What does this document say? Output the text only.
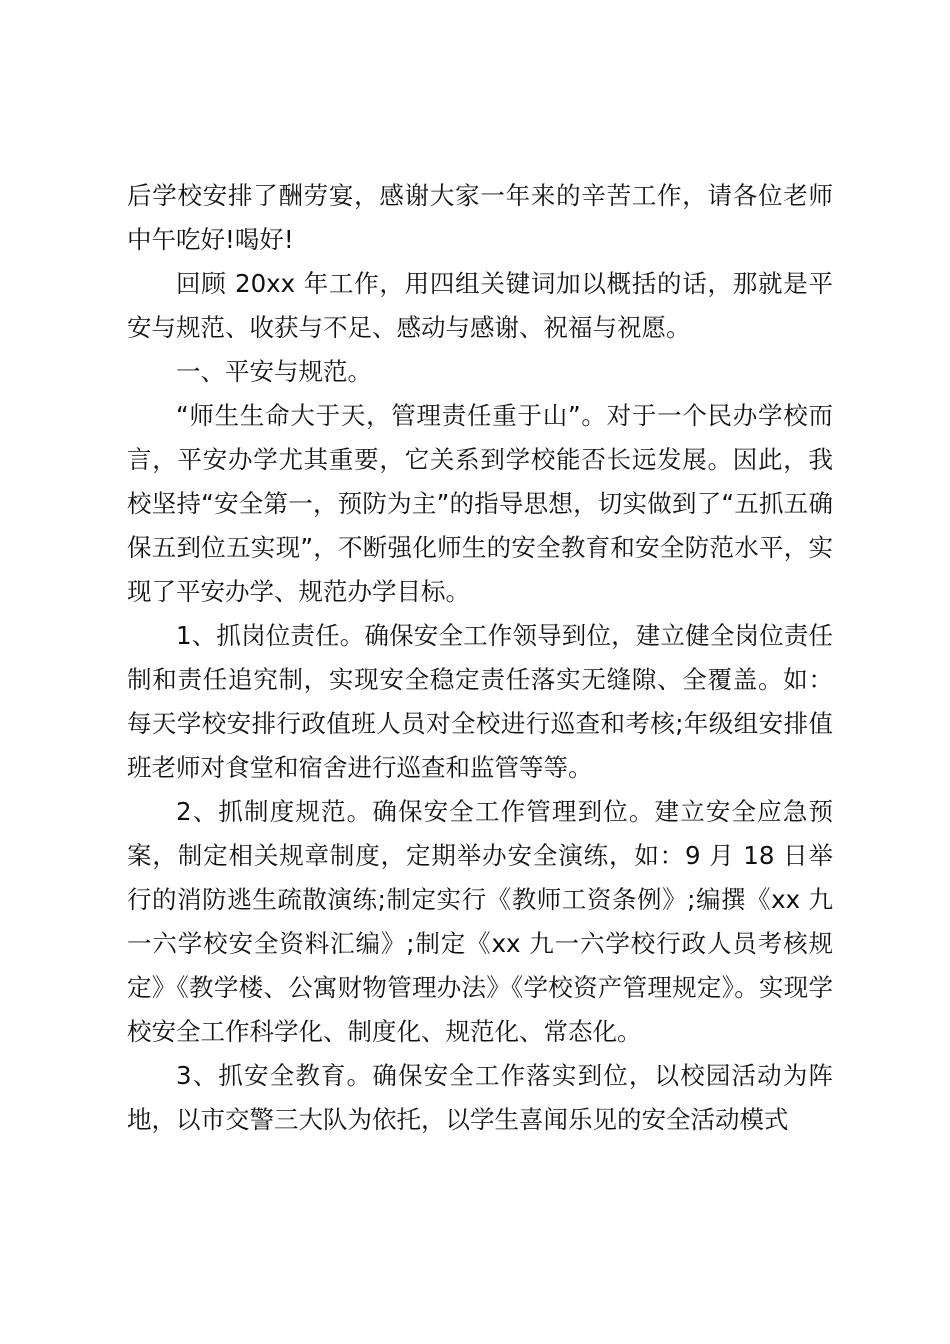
后学校安排了酬劳宴，感谢大家一年来的辛苦工作，请各位老师中午吃好!喝好!

回顾 20xx 年工作，用四组关键词加以概括的话，那就是平安与规范、收获与不足、感动与感谢、祝福与祝愿。

一、平安与规范。

“师生生命大于天，管理责任重于山”。对于一个民办学校而言，平安办学尤其重要，它关系到学校能否长远发展。因此，我校坚持“安全第一，预防为主”的指导思想，切实做到了“五抓五确保五到位五实现”，不断强化师生的安全教育和安全防范水平，实现了平安办学、规范办学目标。

1、抓岗位责任。确保安全工作领导到位，建立健全岗位责任制和责任追究制，实现安全稳定责任落实无缝隙、全覆盖。如：每天学校安排行政值班人员对全校进行巡查和考核;年级组安排值班老师对食堂和宿舍进行巡查和监管等等。

2、抓制度规范。确保安全工作管理到位。建立安全应急预案，制定相关规章制度，定期举办安全演练，如：9 月 18 日举行的消防逃生疏散演练;制定实行《教师工资条例》;编撰《xx 九一六学校安全资料汇编》;制定《xx 九一六学校行政人员考核规定》《教学楼、公寓财物管理办法》《学校资产管理规定》。实现学校安全工作科学化、制度化、规范化、常态化。

3、抓安全教育。确保安全工作落实到位，以校园活动为阵地，以市交警三大队为依托，以学生喜闻乐见的安全活动模式
